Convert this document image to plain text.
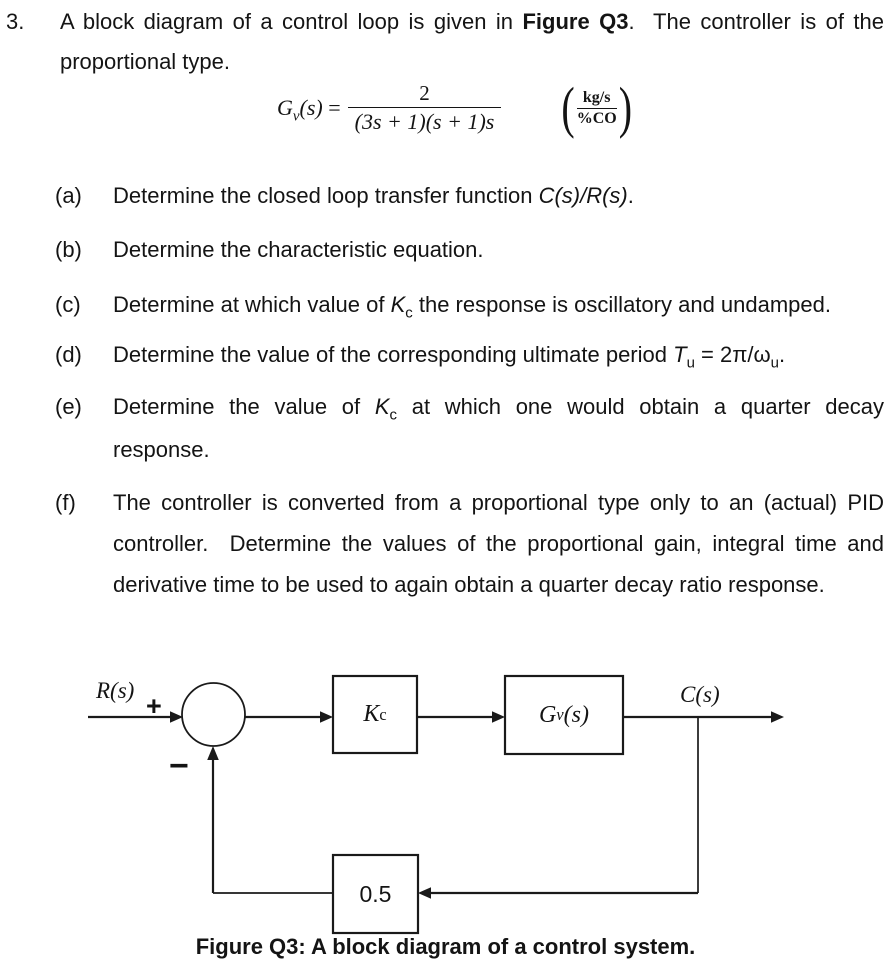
3.	A block diagram of a control loop is given in Figure Q3.  The controller is of the
proportional type.
$G_v(s) = \frac{2}{(3s + 1)(s + 1)s}$ ( $\frac{kg/s}{\%CO}$ )
(a)	Determine the closed loop transfer function C(s)/R(s).
(b)	Determine the characteristic equation.
(c)	Determine at which value of $K_c$ the response is oscillatory and undamped.
(d)	Determine the value of the corresponding ultimate period $T_u = 2\pi/\omega_u$.
(e)	Determine the value of $K_c$ at which one would obtain a quarter decay
response.
(f)	The controller is converted from a proportional type only to an (actual) PID
controller.  Determine the values of the proportional gain, integral time and
derivative time to be used to again obtain a quarter decay ratio response.
R(s)
+
−
K c	G v (s)
C(s)
0.5
Figure Q3: A block diagram of a control system.
